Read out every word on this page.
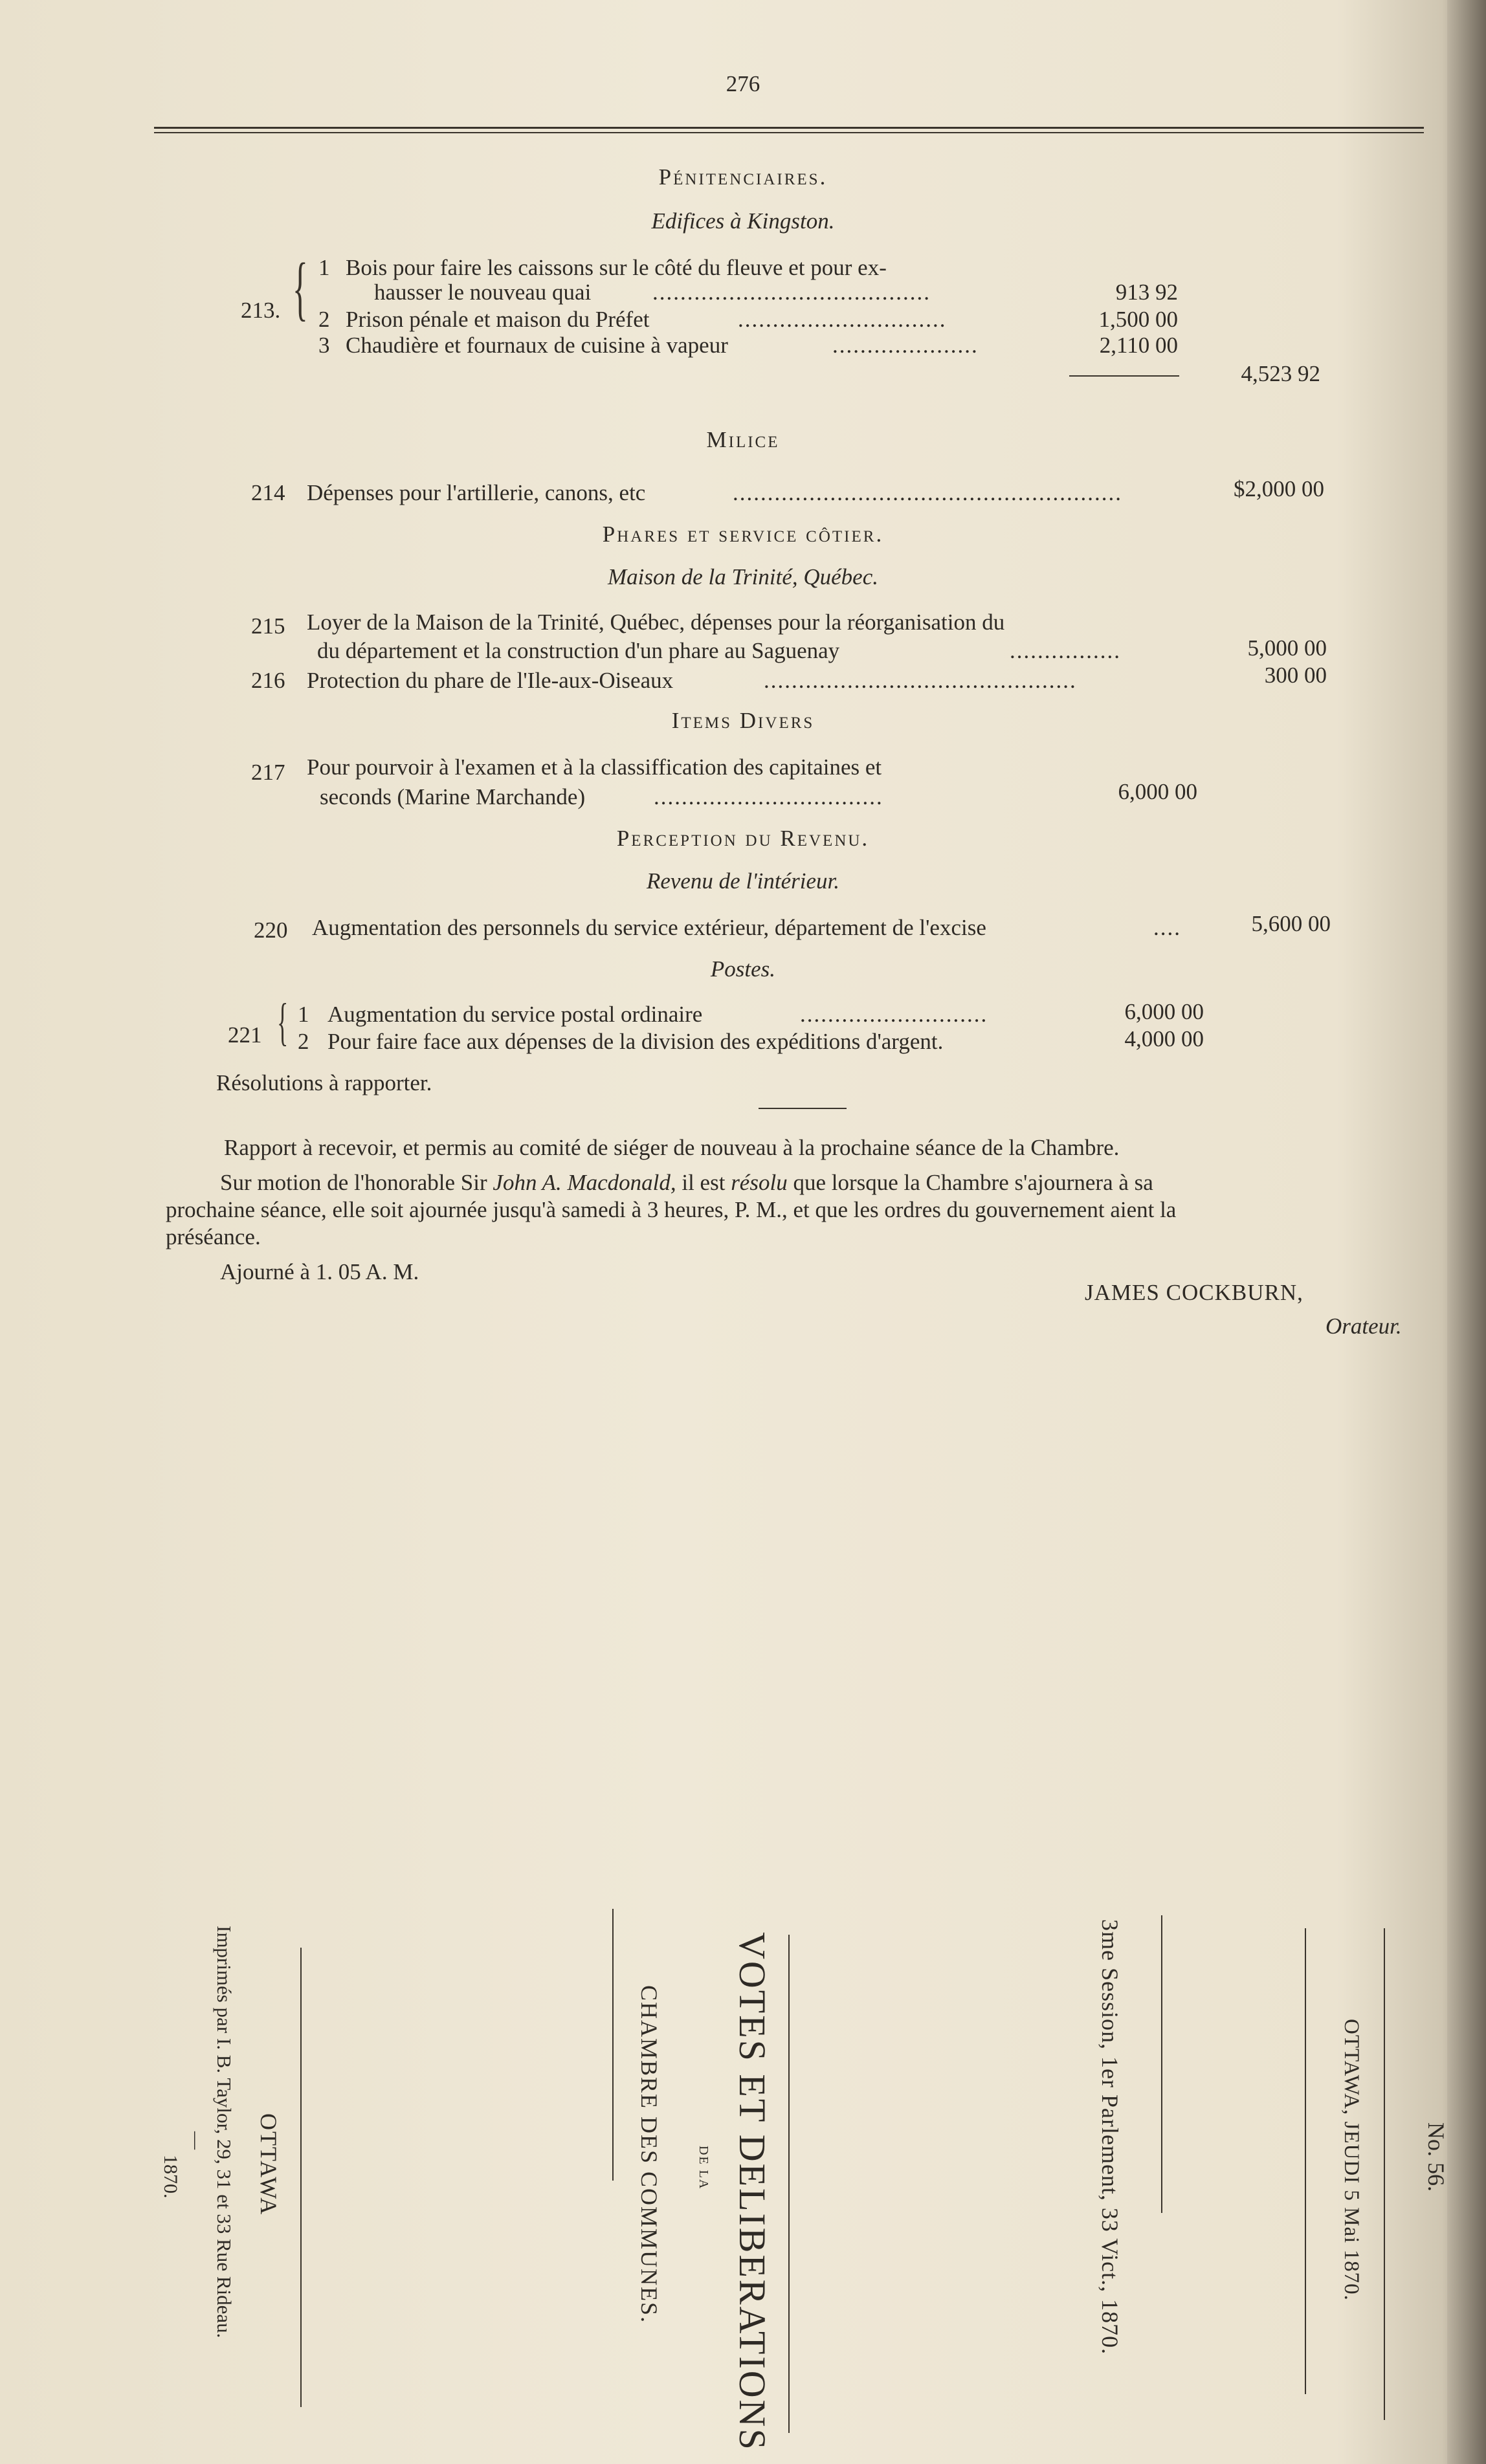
276
Pénitenciaires.
Edifices à Kingston.
213. { 1 Bois pour faire les caissons sur le côté du fleuve et pour ex-
hausser le nouveau quai	........................................	913 92
2 Prison pénale et maison du Préfet	..............................	1,500 00
3 Chaudière et fournaux de cuisine à vapeur	.....................	2,110 00
4,523 92
Milice
214 Dépenses pour l'artillerie, canons, etc	........................................................	$2,000 00
Phares et service côtier.
Maison de la Trinité, Québec.
215 Loyer de la Maison de la Trinité, Québec, dépenses pour la réorganisation du
du département et la construction d'un phare au Saguenay	................	5,000 00
216 Protection du phare de l'Ile-aux-Oiseaux	.............................................	300 00
Items Divers
217 Pour pourvoir à l'examen et à la classiffication des capitaines et
seconds (Marine Marchande)	.................................	6,000 00
Perception du Revenu.
Revenu de l'intérieur.
220 Augmentation des personnels du service extérieur, département de l'excise	....	5,600 00
Postes.
221 { 1 Augmentation du service postal ordinaire	...........................	6,000 00
2 Pour faire face aux dépenses de la division des expéditions d'argent.	4,000 00
Résolutions à rapporter.
Rapport à recevoir, et permis au comité de siéger de nouveau à la prochaine séance de la Chambre.
Sur motion de l'honorable Sir John A. Macdonald, il est résolu que lorsque la Chambre s'ajournera à sa
prochaine séance, elle soit ajournée jusqu'à samedi à 3 heures, P. M., et que les ordres du gouvernement aient la
préséance.
Ajourné à 1. 05 A. M.
JAMES COCKBURN,
Orateur.
No. 56.
OTTAWA, JEUDI 5 Mai 1870.
3me Session, 1er Parlement, 33 Vict., 1870.
VOTES ET DELIBERATIONS
DE LA
CHAMBRE DES COMMUNES.
OTTAWA
Imprimés par I. B. Taylor, 29, 31 et 33 Rue Rideau.
—
1870.
